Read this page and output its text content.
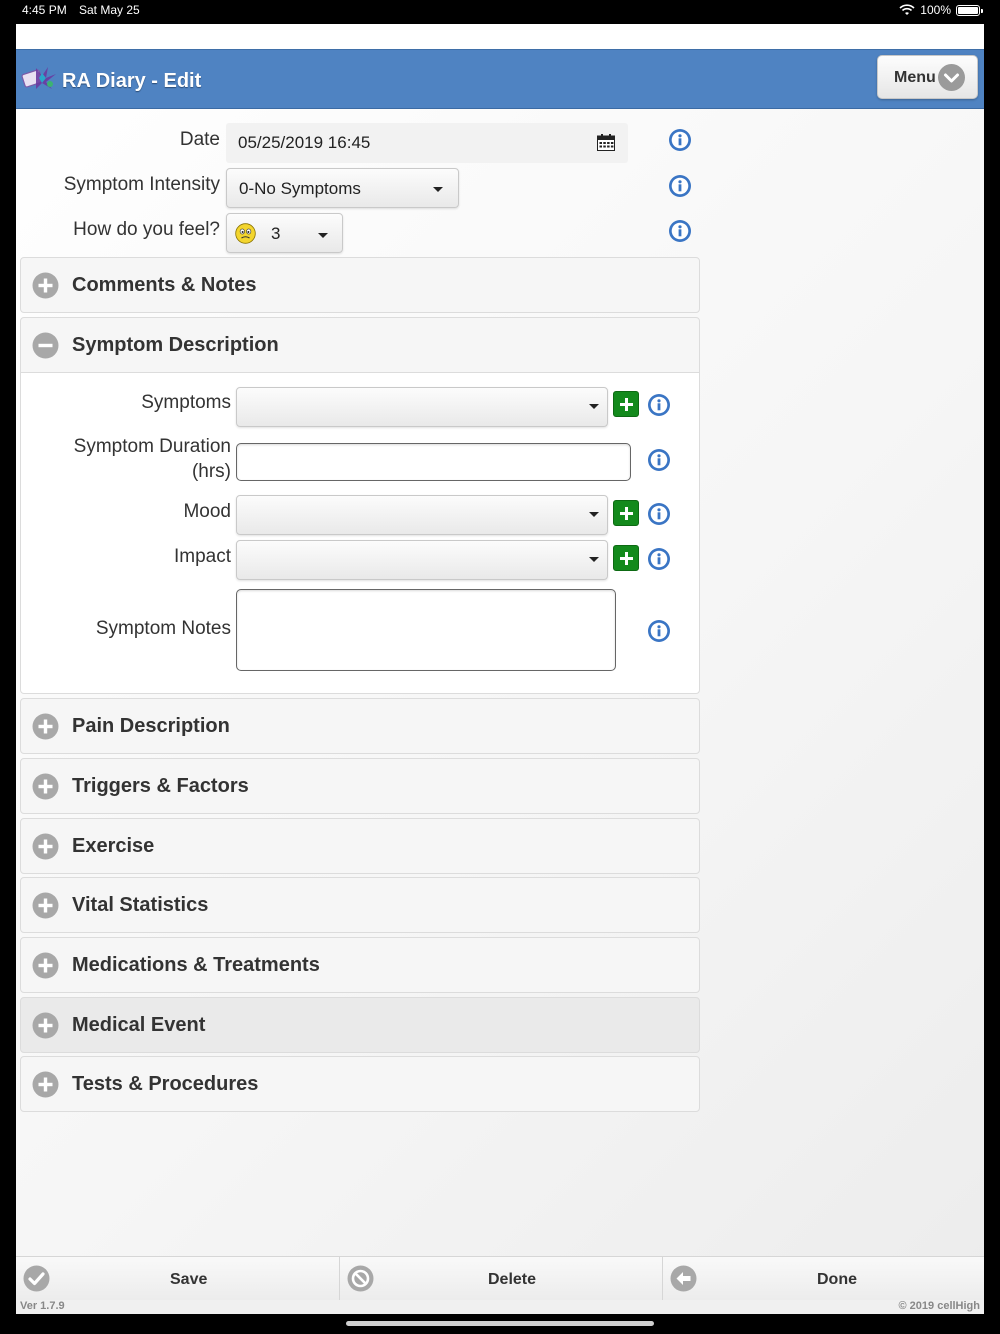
4:45 PM Sat May 25	100%
RA Diary - Edit	Menu
Date 05/25/2019 16:45
Symptom Intensity 0-No Symptoms
How do you feel?	3
Comments & Notes
Symptom Description
Symptoms
Symptom Duration
(hrs)
Mood
Impact
Symptom Notes
Pain Description
Triggers & Factors
Exercise
Vital Statistics
Medications & Treatments
Medical Event
Tests & Procedures
Save	Delete	Done
Ver 1.7.9	© 2019 cellHigh
